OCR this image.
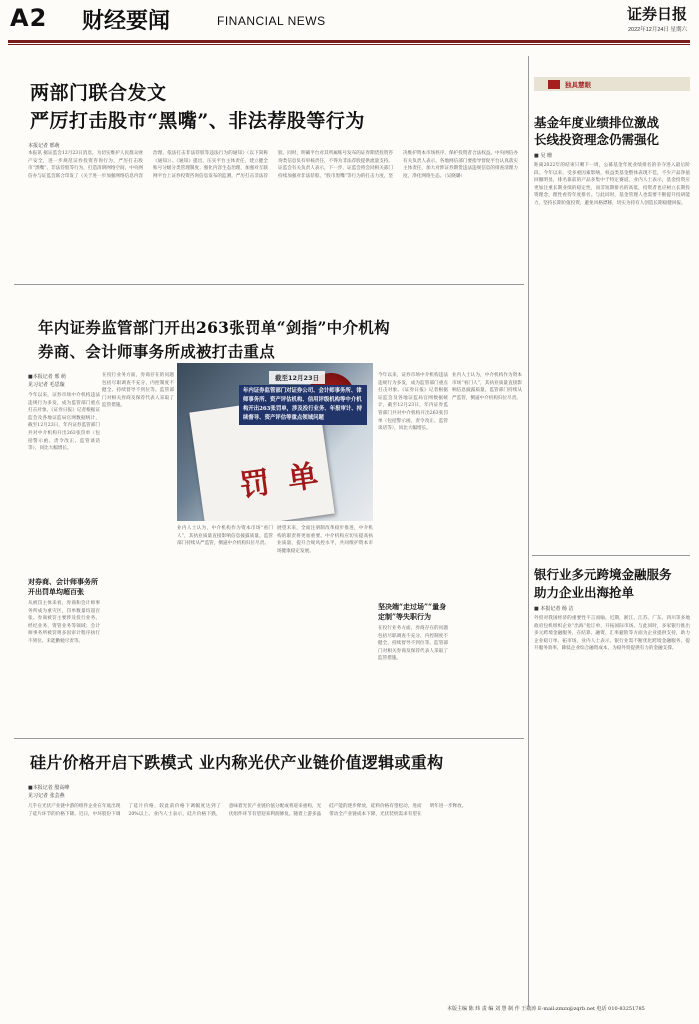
A2 财经要闻	FINANCIAL NEWS	证券日报
2022年12月24日 星期六
两部门联合发文
严厉打击股市“黑嘴”、非法荐股等行为
本报记者 邢萌
本报讯 据证监会12月23日消息，为切实维护人民群众财产安全，进一步规范证券投资咨询行为，严厉打击股市“黑嘴”、非法荐股等行为，打造清朗网络空间，中央网信办与证监会联合印发了《关于进一步加强网络信息内容治理、依法打击非法荐股等违法行为的通知》（以下简称《通知》）。《通知》提出，压实平台主体责任，建立健全账号分级分类管理制度；强化内容生态治理，加强对互联网平台上证券投资咨询信息发布的监测，严厉打击非法荐股。同时，明确平台对其所属账号发布的证券期货投资咨询类信息负有审核责任，不得为非法荐股提供流量支持。证监会有关负责人表示，下一步，证监会将会同相关部门持续加强对非法荐股、“股市黑嘴”等行为的打击力度，坚决维护资本市场秩序，保护投资者合法权益。中央网信办有关负责人表示，各地网信部门要指导督促平台认真落实主体责任，加大对涉证券期货违法违规信息的排查清理力度，净化网络生态。（吴晓璐）
独具慧眼
基金年度业绩排位激战
长线投资理念仍需强化
■ 吴 珊
距离2022年的结束只剩下一周，公募基金年度业绩排名的争夺进入最后阶段。今年以来，受多重因素影响，权益类基金整体表现不佳，不少产品净值回撤明显，排名靠前的产品多集中于特定赛道。业内人士表示，基金投资应更加注重长期业绩的稳定性，而非短期排名的高低，投资者也应树立长期投资理念，理性看待年度排名。与此同时，基金管理人也需要不断提升投研能力，坚持长期价值投资，避免风格漂移，切实为持有人创造长期稳健回报。
银行业多元跨境金融服务
助力企业出海抢单
■ 本报记者 杨 洁
外贸对我国经济的重要性不言而喻。近期，浙江、江苏、广东、四川等多地政府包机组织企业“出海”抢订单，开拓国际市场。与此同时，多家银行推出多元跨境金融服务，在结算、融资、汇率避险等方面为企业提供支持，助力企业稳订单、拓市场。业内人士表示，银行业需不断优化跨境金融服务，提升服务效率，降低企业综合融资成本，为稳外贸提供有力的金融支撑。
年内证券监管部门开出263张罚单“剑指”中介机构
券商、会计师事务所成被打击重点
■本报记者 邢 萌
见习记者 毛思璇
今年以来，证券市场中介机构违法违规行为多发，成为监管部门重点打击对象。《证券日报》记者根据证监会及各地证监局官网数据统计，截至12月23日，年内证券监管部门共对中介机构开出263张罚单（包括警示函、责令改正、监管谈话等），同比大幅增长。
对券商、会计师事务所开出罚单均超百张
从被罚主体来看，券商和会计师事务所成为重灾区，罚单数量均超百张。券商被罚主要涉及投行业务、经纪业务、资管业务等领域；会计师事务所被罚则多因审计程序执行不到位、未能勤勉尽责等。
在投行业务方面，券商存在的问题包括尽职调查不充分、内控制度不健全、持续督导不到位等。监管部门对相关券商及保荐代表人采取了监管措施。
罚 单
截至12月23日
年内证券监管部门对证券公司、会计师事务所、律师事务所、资产评估机构、信用评级机构等中介机构开出263张罚单，涉及投行业务、年报审计、持续督导、资产评估等重点领域问题
业内人士认为，中介机构作为资本市场“看门人”，其执业质量直接影响信息披露质量。监管部门持续从严监管，倒逼中介机构归位尽责。
展望未来，全面注册制改革稳步推进，中介机构的职责将更加重要。中介机构应切实提高执业质量，提升合规风控水平，共同维护资本市场健康稳定发展。
坚决端“走过场”“量身定制”等失职行为
今年以来，证券市场中介机构违法违规行为多发，成为监管部门重点打击对象。《证券日报》记者根据证监会及各地证监局官网数据统计，截至12月23日，年内证券监管部门共对中介机构开出263张罚单（包括警示函、责令改正、监管谈话等），同比大幅增长。
在投行业务方面，券商存在的问题包括尽职调查不充分、内控制度不健全、持续督导不到位等。监管部门对相关券商及保荐代表人采取了监管措施。
业内人士认为，中介机构作为资本市场“看门人”，其执业质量直接影响信息披露质量。监管部门持续从严监管，倒逼中介机构归位尽责。
硅片价格开启下跌模式 业内称光伏产业链价值逻辑或重构
■本报记者 殷高峰
见习记者 张芸燕
几乎在光伏产业链中游的组件企业在年底出现了硅片环节的价格下降。近日，中环股份下调了硅片价格，较此前价格下调幅度达到了20%以上。业内人士表示，硅片价格下跌，意味着光伏产业链价值分配或将迎来重构，光伏组件环节有望迎来利润修复。随着上游多晶硅产能的逐步释放，硅料价格有望松动，进而带动全产业链成本下降，光伏装机需求有望在明年进一步释放。
本版主编 陈 炜 责 编 刘 慧 制 作 王敬涛 E-mail:zmzx@zqrb.net 电话 010-83251785
